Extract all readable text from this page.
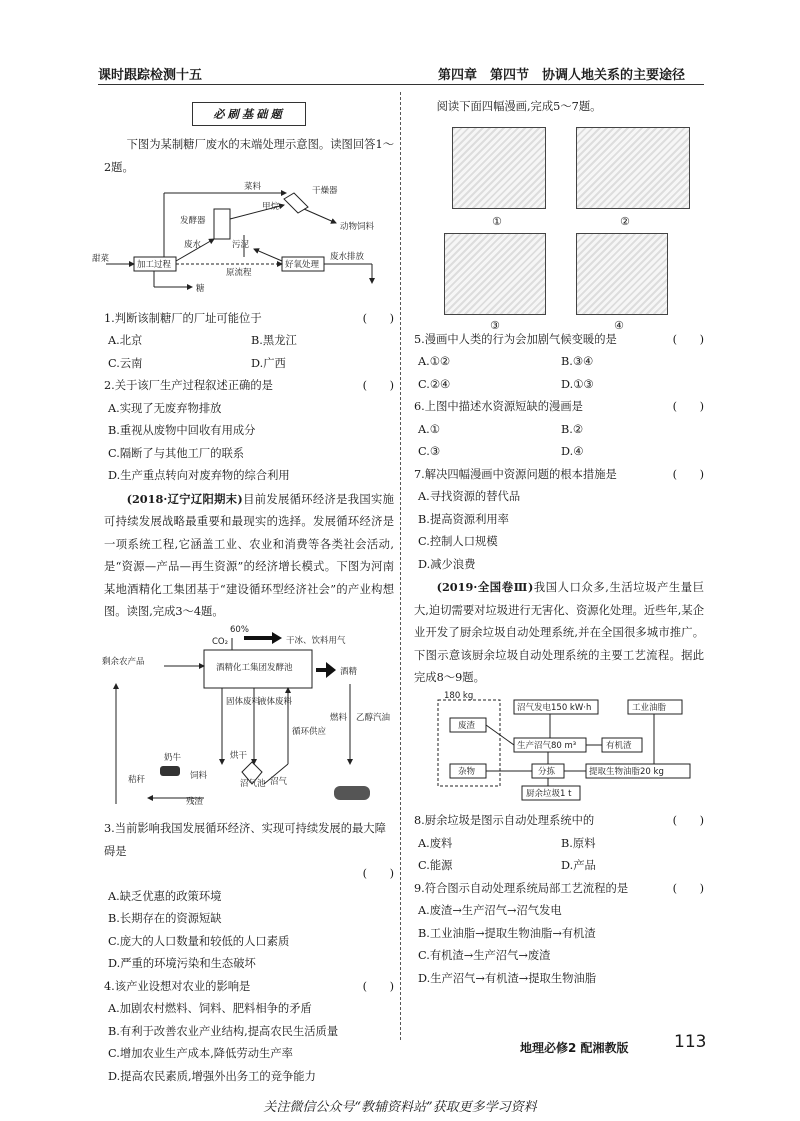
课时跟踪检测十五	第四章　第四节　协调人地关系的主要途径
必刷基础题

下图为某制糖厂废水的末端处理示意图。读图回答1～2题。

菜料	干燥器
甲烷
动物饲料
发酵器
废水	污泥
甜菜
加工过程
原流程
好氧处理
废水排放
糖

1.判断该制糖厂的厂址可能位于	(　　)

A.北京	B.黑龙江
C.云南	D.广西

2.关于该厂生产过程叙述正确的是	(　　)

A.实现了无废弃物排放
B.重视从废物中回收有用成分
C.隔断了与其他工厂的联系
D.生产重点转向对废弃物的综合利用

(2018·辽宁辽阳期末)目前发展循环经济是我国实施可持续发展战略最重要和最现实的选择。发展循环经济是一项系统工程,它涵盖工业、农业和消费等各类社会活动,是“资源—产品—再生资源”的经济增长模式。下图为河南某地酒精化工集团基于“建设循环型经济社会”的产业构想图。读图,完成3～4题。

60%
CO₂	干冰、饮料用气
剩余农产品
酒精化工集团发酵池	酒精
固体废料
液体废料
烘干
循环供应
燃料 乙醇汽油
奶牛
饲料
秸秆	沼气池 沼气
残渣

3.当前影响我国发展循环经济、实现可持续发展的最大障碍是

(　　)

A.缺乏优惠的政策环境
B.长期存在的资源短缺
C.庞大的人口数量和较低的人口素质
D.严重的环境污染和生态破坏

4.该产业设想对农业的影响是	(　　)

A.加剧农村燃料、饲料、肥料相争的矛盾
B.有利于改善农业产业结构,提高农民生活质量
C.增加农业生产成本,降低劳动生产率
D.提高农民素质,增强外出务工的竞争能力

阅读下面四幅漫画,完成5～7题。

①	②
③	④

5.漫画中人类的行为会加剧气候变暖的是	(　　)

A.①②	B.③④
C.②④	D.①③

6.上图中描述水资源短缺的漫画是	(　　)

A.①	B.②
C.③	D.④

7.解决四幅漫画中资源问题的根本措施是	(　　)

A.寻找资源的替代品
B.提高资源利用率
C.控制人口规模
D.减少浪费

(2019·全国卷Ⅲ)我国人口众多,生活垃圾产生量巨大,迫切需要对垃圾进行无害化、资源化处理。近些年,某企业开发了厨余垃圾自动处理系统,并在全国很多城市推广。下图示意该厨余垃圾自动处理系统的主要工艺流程。据此完成8～9题。

180 kg
沼气发电150 kW·h	工业油脂
废渣
生产沼气80 m³	有机渣
杂物	分拣	提取生物油脂20 kg
厨余垃圾1 t

8.厨余垃圾是图示自动处理系统中的	(　　)

A.废料	B.原料
C.能源	D.产品

9.符合图示自动处理系统局部工艺流程的是	(　　)

A.废渣→生产沼气→沼气发电
B.工业油脂→提取生物油脂→有机渣
C.有机渣→生产沼气→废渣
D.生产沼气→有机渣→提取生物油脂
地理必修2 配湘教版	113
关注微信公众号“教辅资料站”获取更多学习资料
